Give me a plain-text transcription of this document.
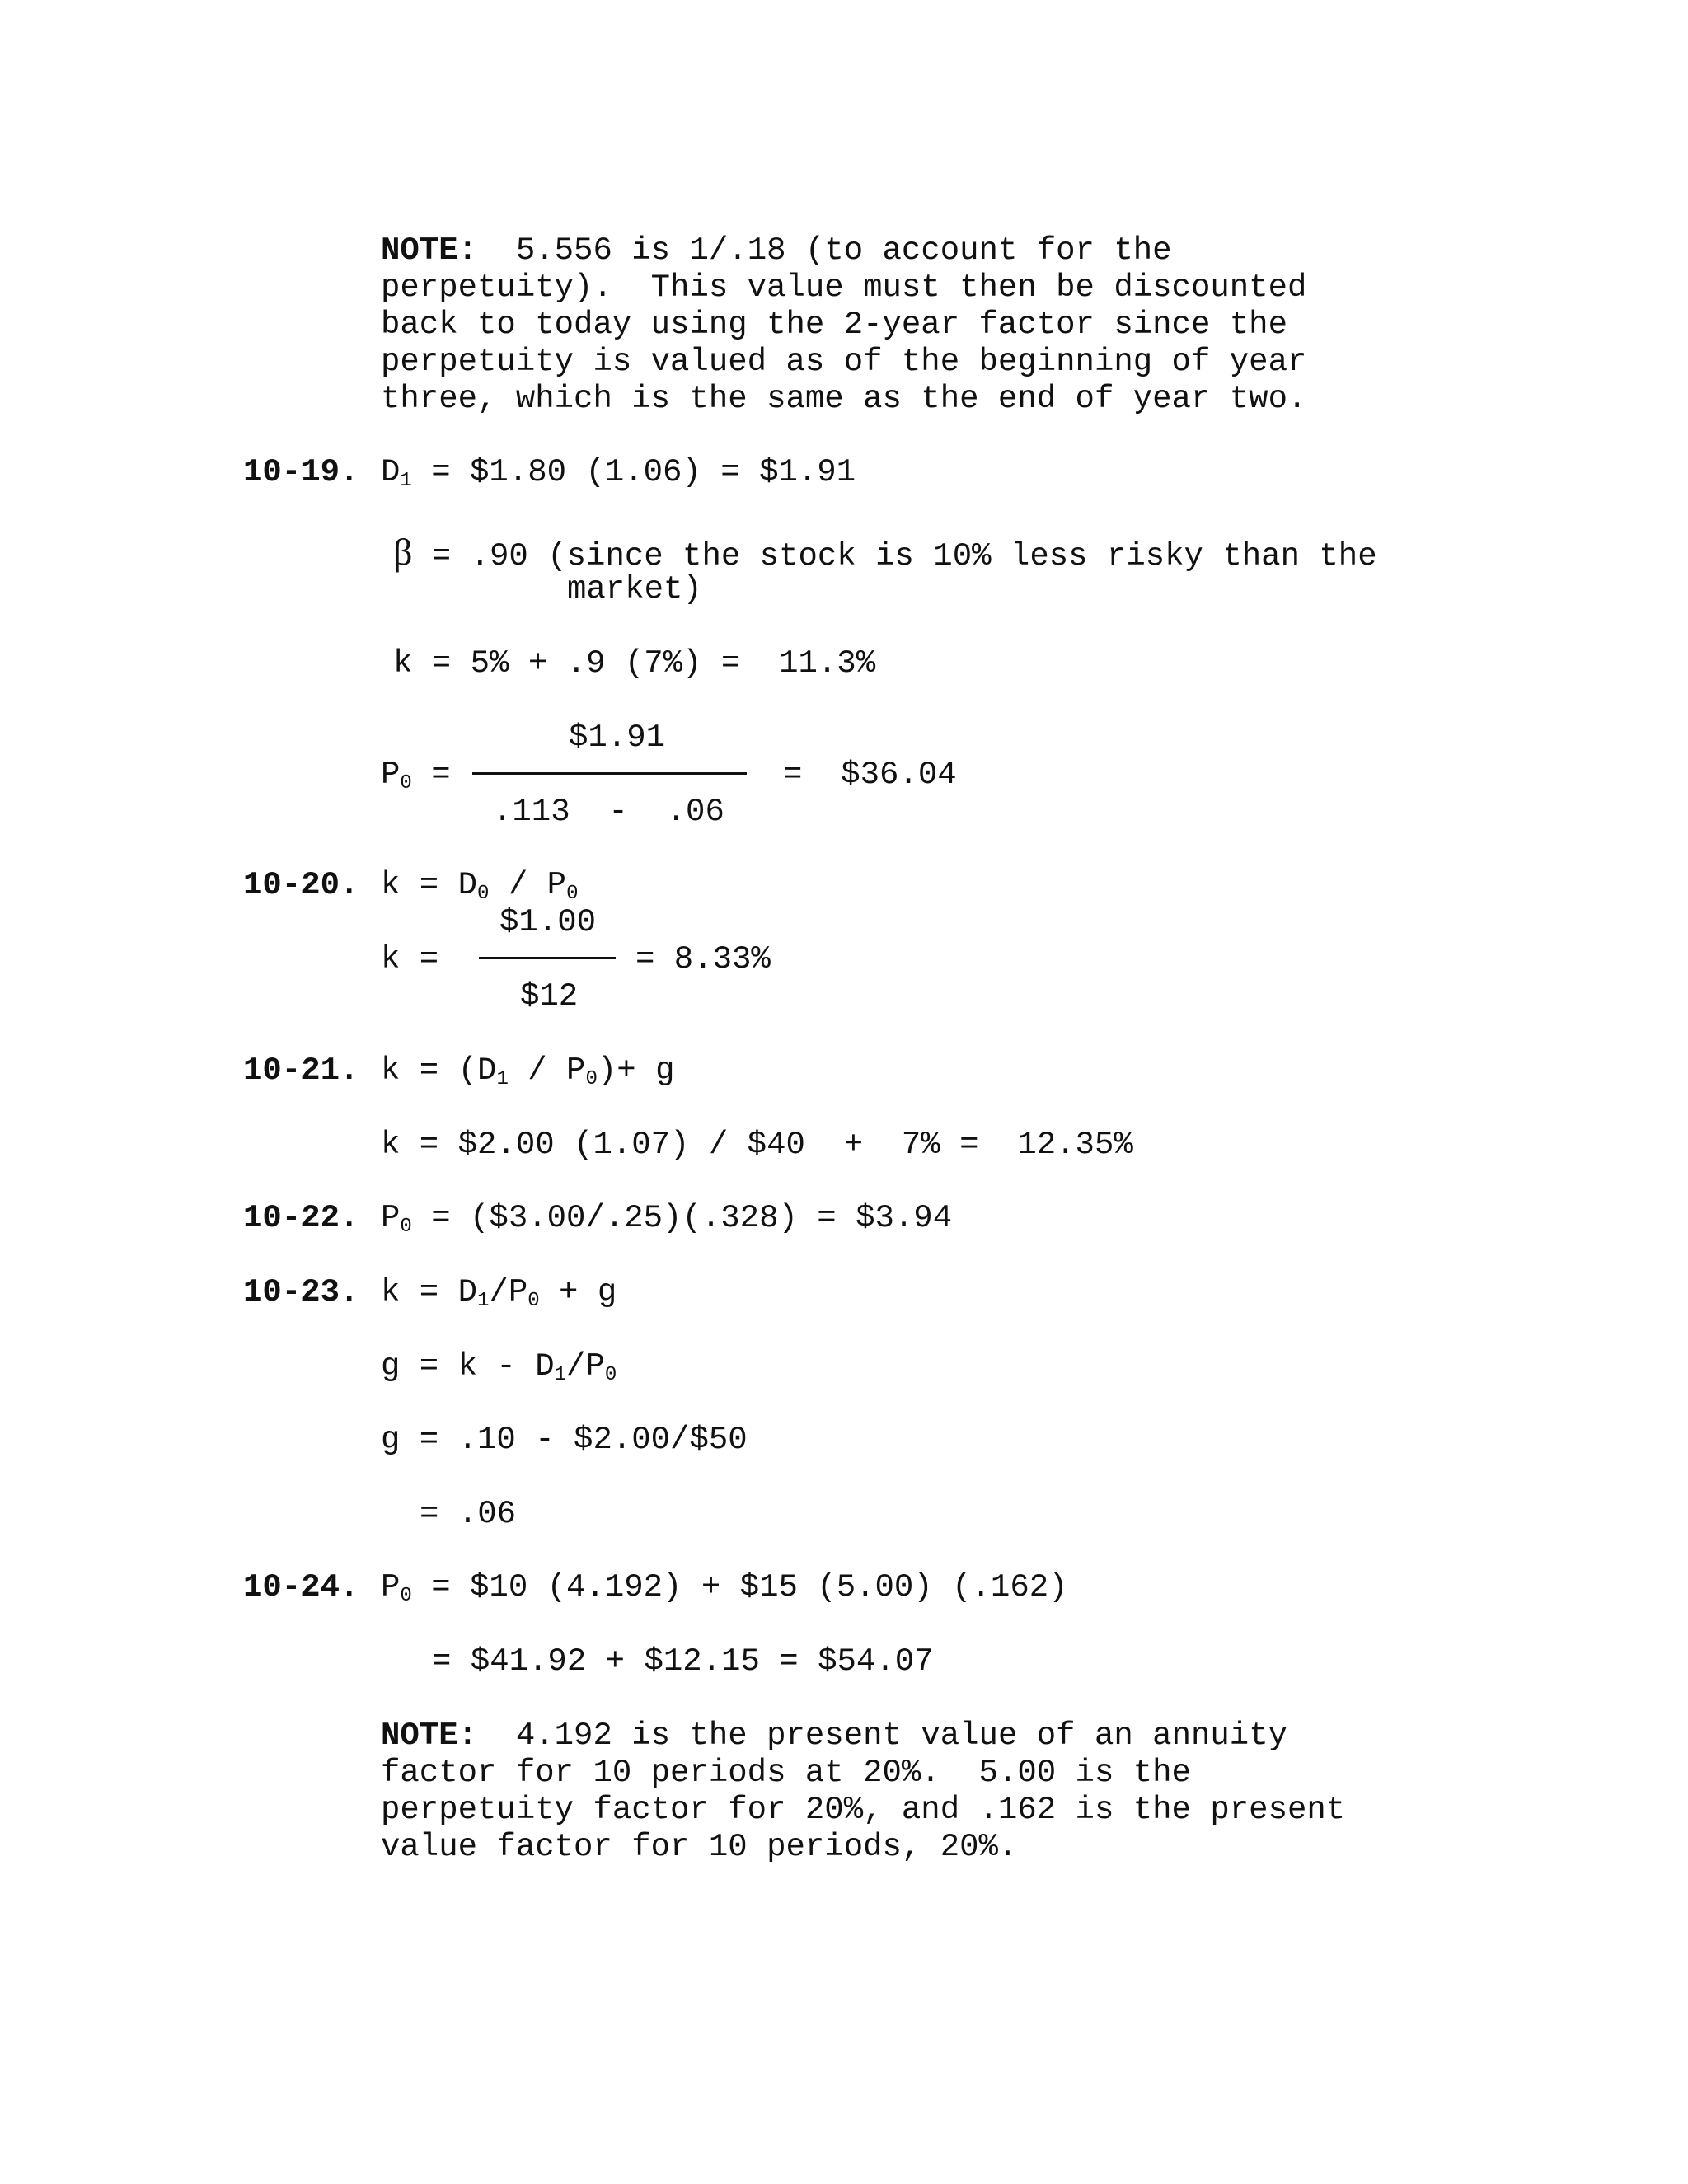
NOTE: 5.556 is 1/.18 (to account for the
perpetuity).  This value must then be discounted
back to today using the 2-year factor since the
perpetuity is valued as of the beginning of year
three, which is the same as the end of year two.
10-19. D1 = $1.80 (1.06) = $1.91
β = .90 (since the stock is 10% less risky than the
market)
k = 5% + .9 (7%) =  11.3%
$1.91
P0 =	=  $36.04
.113  -  .06
10-20. k = D0 / P0
$1.00
k =	= 8.33%
$12
10-21. k = (D1 / P0)+ g
k = $2.00 (1.07) / $40  +  7% =  12.35%
10-22. P0 = ($3.00/.25)(.328) = $3.94
10-23. k = D1/P0 + g
g = k - D1/P0
g = .10 - $2.00/$50
= .06
10-24. P0 = $10 (4.192) + $15 (5.00) (.162)
= $41.92 + $12.15 = $54.07
NOTE: 4.192 is the present value of an annuity
factor for 10 periods at 20%.  5.00 is the
perpetuity factor for 20%, and .162 is the present
value factor for 10 periods, 20%.
